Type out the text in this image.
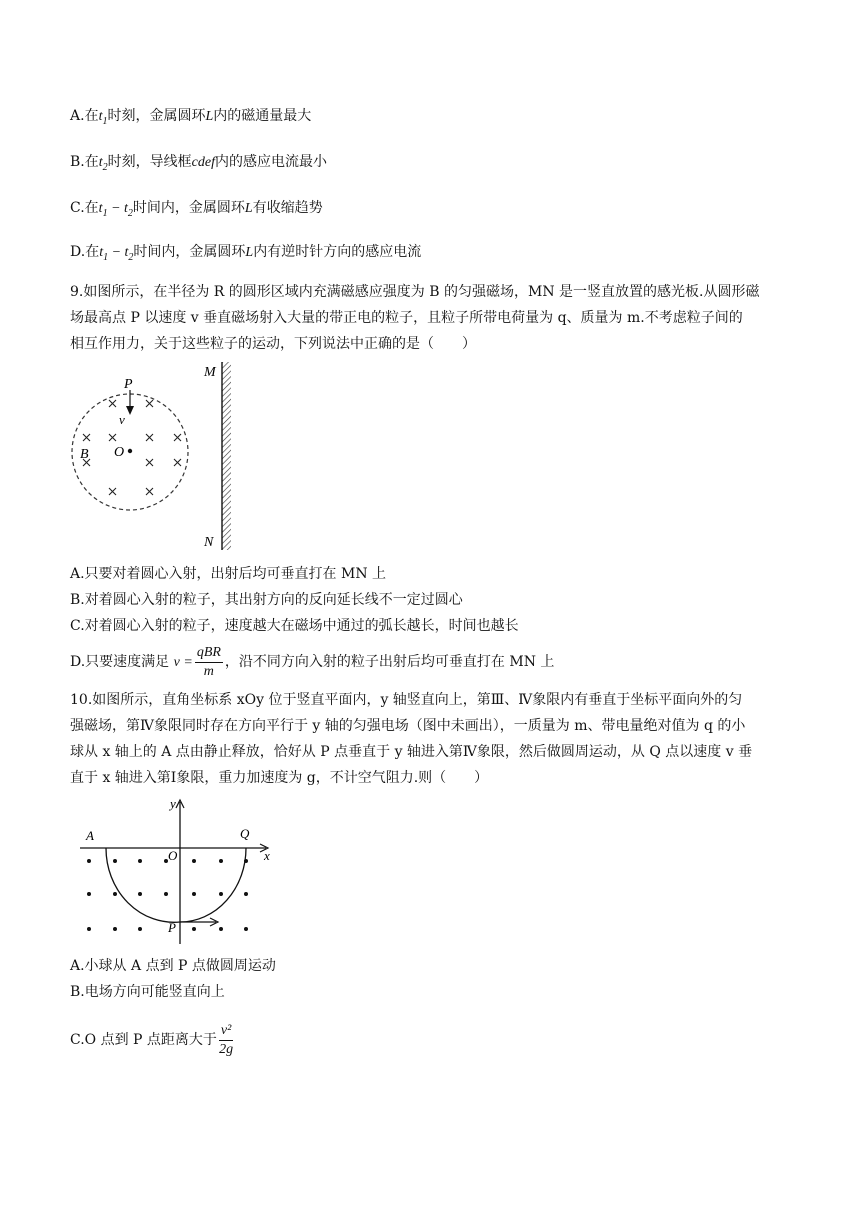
A.在$t_1$时刻，金属圆环L内的磁通量最大
B.在$t_2$时刻，导线框cdef内的感应电流最小
C.在$t_1 - t_2$时间内，金属圆环L有收缩趋势
D.在$t_1 - t_2$时间内，金属圆环L内有逆时针方向的感应电流
9.如图所示，在半径为 R 的圆形区域内充满磁感应强度为 B 的匀强磁场，MN 是一竖直放置的感光板.从圆形磁
场最高点 P 以速度 v 垂直磁场射入大量的带正电的粒子，且粒子所带电荷量为 q、质量为 m.不考虑粒子间的
相互作用力，关于这些粒子的运动，下列说法中正确的是（　　）
P
v
O
B
M
N
A.只要对着圆心入射，出射后均可垂直打在 MN 上
B.对着圆心入射的粒子，其出射方向的反向延长线不一定过圆心
C.对着圆心入射的粒子，速度越大在磁场中通过的弧长越长，时间也越长
D.只要速度满足 $v = \frac{\text{qBR}}{m}$ ，沿不同方向入射的粒子出射后均可垂直打在 MN 上
10.如图所示，直角坐标系 xOy 位于竖直平面内，y 轴竖直向上，第Ⅲ、Ⅳ象限内有垂直于坐标平面向外的匀
强磁场，第Ⅳ象限同时存在方向平行于 y 轴的匀强电场（图中未画出），一质量为 m、带电量绝对值为 q 的小
球从 x 轴上的 A 点由静止释放，恰好从 P 点垂直于 y 轴进入第Ⅳ象限，然后做圆周运动，从 Q 点以速度 v 垂
直于 x 轴进入第Ⅰ象限，重力加速度为 g，不计空气阻力.则（　　）
y
x
A	Q
O
P
A.小球从 A 点到 P 点做圆周运动
B.电场方向可能竖直向上
C.O 点到 P 点距离大于 $\frac{\text{v²}}{2g}$
